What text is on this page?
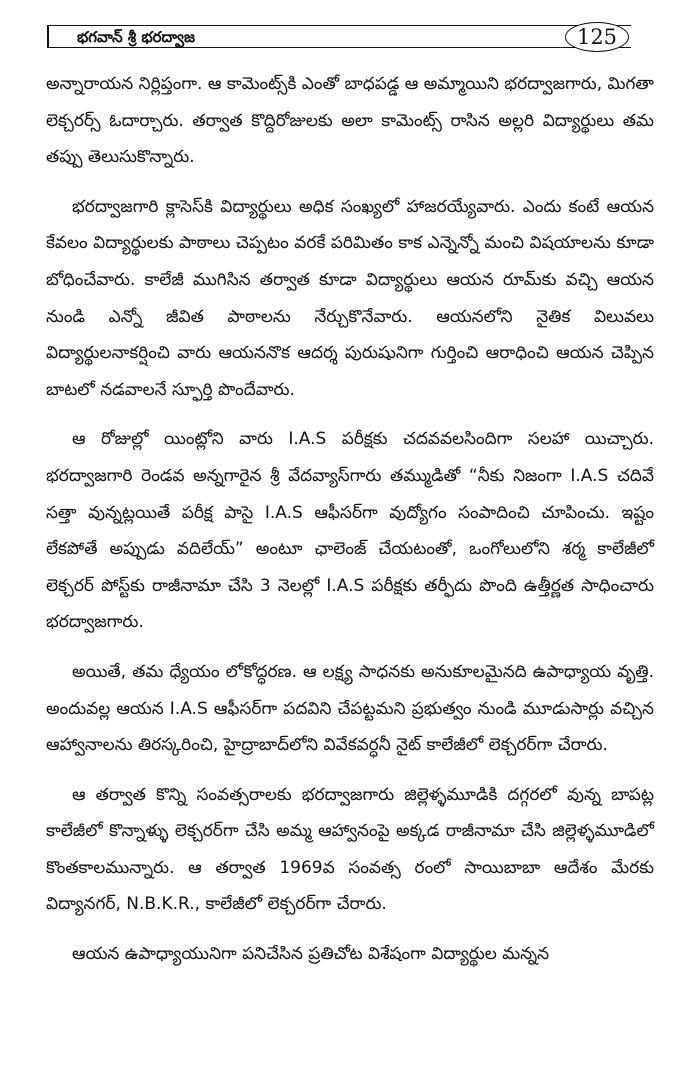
భగవాన్ శ్రీ భరద్వాజ	125

అన్నారాయన నిర్లిప్తంగా. ఆ కామెంట్స్‌కి ఎంతో బాధపడ్డ ఆ అమ్మాయిని భరద్వాజగారు, మిగతా లెక్చరర్స్ ఓదార్చారు. తర్వాత కొద్దిరోజులకు అలా కామెంట్స్ రాసిన అల్లరి విద్యార్థులు తమ తప్పు తెలుసుకొన్నారు.

భరద్వాజగారి క్లాసెస్‌కి విద్యార్థులు అధిక సంఖ్యలో హాజరయ్యేవారు. ఎందు కంటే ఆయన కేవలం విద్యార్థులకు పాఠాలు చెప్పటం వరకే పరిమితం కాక ఎన్నెన్నో మంచి విషయాలను కూడా బోధించేవారు. కాలేజీ ముగిసిన తర్వాత కూడా విద్యార్థులు ఆయన రూమ్‌కు వచ్చి ఆయన నుండి ఎన్నో జీవిత పాఠాలను నేర్చుకొనేవారు. ఆయనలోని నైతిక విలువలు విద్యార్థులనాకర్షించి వారు ఆయననొక ఆదర్శ పురుషునిగా గుర్తించి ఆరాధించి ఆయన చెప్పిన బాటలో నడవాలనే స్ఫూర్తి పొందేవారు.

ఆ రోజుల్లో యింట్లోని వారు I.A.S పరీక్షకు చదవవలసిందిగా సలహా యిచ్చారు. భరద్వాజగారి రెండవ అన్నగారైన శ్రీ వేదవ్యాస్‌గారు తమ్ముడితో “నీకు నిజంగా I.A.S చదివే సత్తా వున్నట్లయితే పరీక్ష పాసై I.A.S ఆఫీసర్‌గా వుద్యోగం సంపాదించి చూపించు. ఇష్టం లేకపోతే అప్పుడు వదిలేయ్” అంటూ ఛాలెంజ్ చేయటంతో, ఒంగోలులోని శర్మ కాలేజీలో లెక్చరర్ పోస్ట్‌కు రాజీనామా చేసి 3 నెలల్లో I.A.S పరీక్షకు తర్ఫీదు పొంది ఉత్తీర్ణత సాధించారు భరద్వాజగారు.

అయితే, తమ ధ్యేయం లోకోద్ధరణ. ఆ లక్ష్య సాధనకు అనుకూలమైనది ఉపాధ్యాయ వృత్తి. అందువల్ల ఆయన I.A.S ఆఫీసర్‌గా పదవిని చేపట్టమని ప్రభుత్వం నుండి మూడుసార్లు వచ్చిన ఆహ్వానాలను తిరస్కరించి, హైద్రాబాద్‌లోని వివేకవర్ధనీ నైట్ కాలేజీలో లెక్చరర్‌గా చేరారు.

ఆ తర్వాత కొన్ని సంవత్సరాలకు భరద్వాజగారు జిల్లెళ్ళమూడికి దగ్గరలో వున్న బాపట్ల కాలేజీలో కొన్నాళ్ళు లెక్చరర్‌గా చేసి అమ్మ ఆహ్వానంపై అక్కడ రాజీనామా చేసి జిల్లెళ్ళమూడిలో కొంతకాలమున్నారు. ఆ తర్వాత 1969వ సంవత్స రంలో సాయిబాబా ఆదేశం మేరకు విద్యానగర్, N.B.K.R., కాలేజీలో లెక్చరర్‌గా చేరారు.

ఆయన ఉపాధ్యాయునిగా పనిచేసిన ప్రతిచోట విశేషంగా విద్యార్థుల మన్నన
